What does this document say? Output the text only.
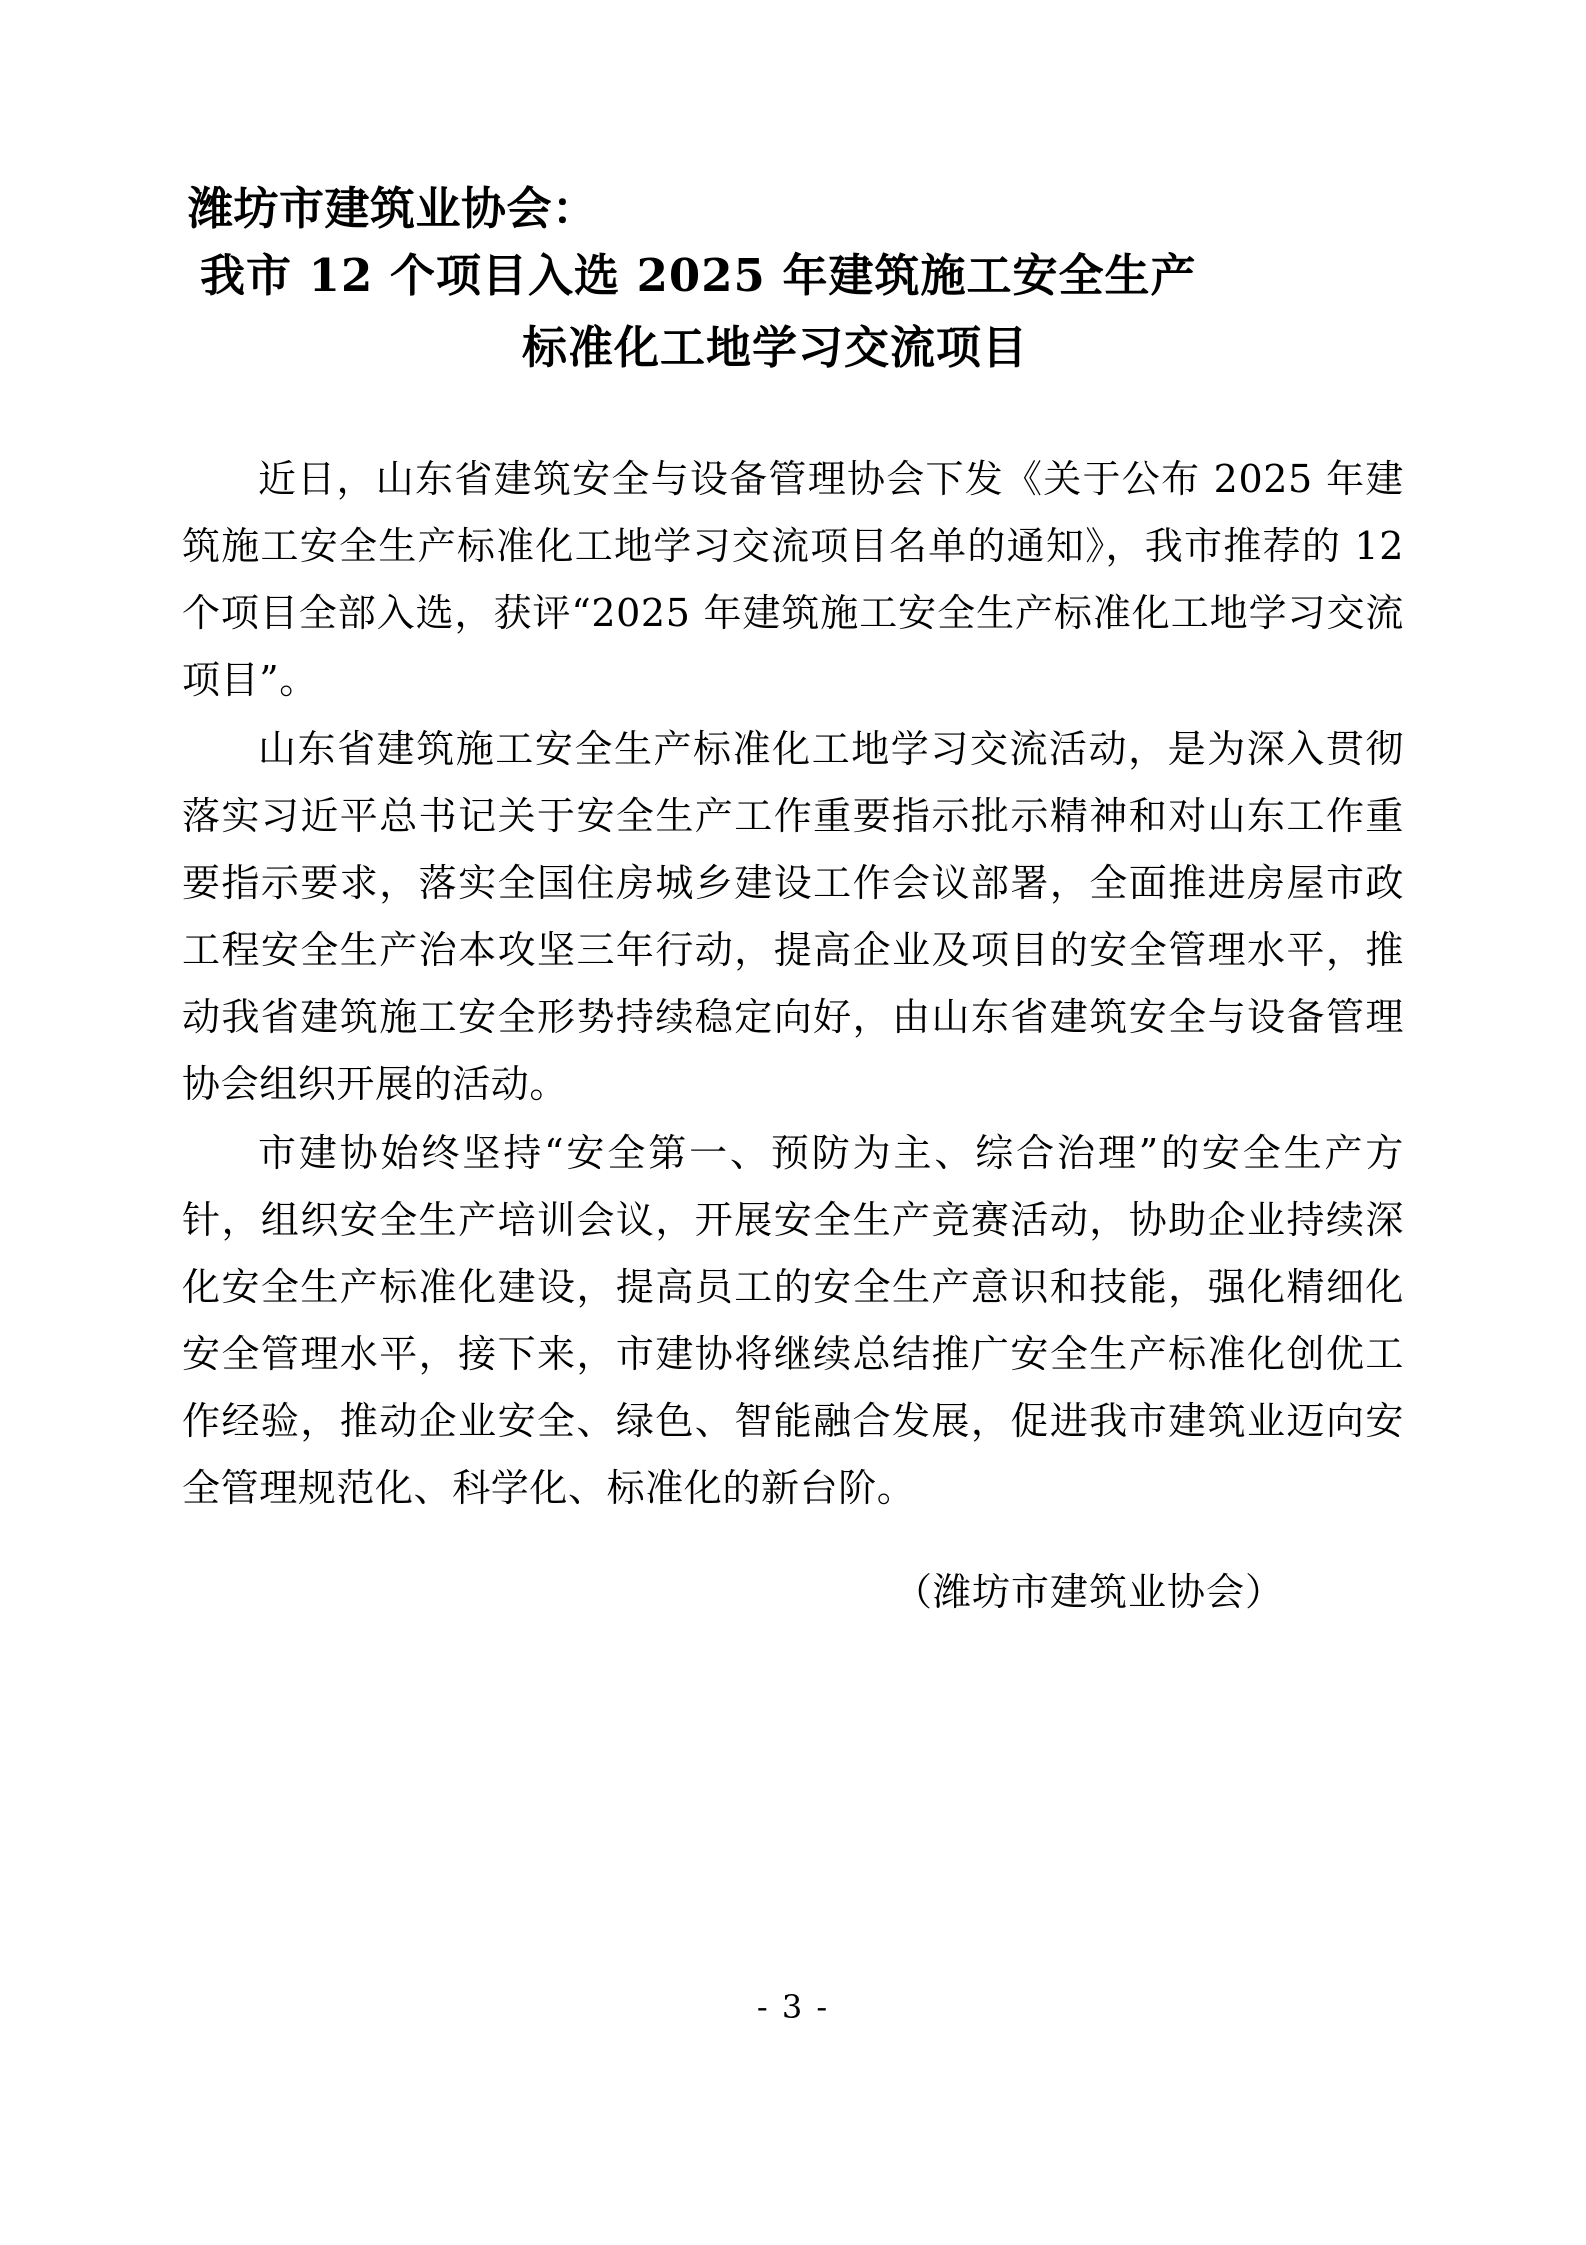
潍坊市建筑业协会：
我市 12 个项目入选 2025 年建筑施工安全生产
标准化工地学习交流项目

近日，山东省建筑安全与设备管理协会下发《关于公布 2025 年建筑施工安全生产标准化工地学习交流项目名单的通知》，我市推荐的 12 个项目全部入选，获评“2025 年建筑施工安全生产标准化工地学习交流项目”。

山东省建筑施工安全生产标准化工地学习交流活动，是为深入贯彻落实习近平总书记关于安全生产工作重要指示批示精神和对山东工作重要指示要求，落实全国住房城乡建设工作会议部署，全面推进房屋市政工程安全生产治本攻坚三年行动，提高企业及项目的安全管理水平，推动我省建筑施工安全形势持续稳定向好，由山东省建筑安全与设备管理协会组织开展的活动。

市建协始终坚持“安全第一、预防为主、综合治理”的安全生产方针，组织安全生产培训会议，开展安全生产竞赛活动，协助企业持续深化安全生产标准化建设，提高员工的安全生产意识和技能，强化精细化安全管理水平，接下来，市建协将继续总结推广安全生产标准化创优工作经验，推动企业安全、绿色、智能融合发展，促进我市建筑业迈向安全管理规范化、科学化、标准化的新台阶。

（潍坊市建筑业协会）
- 3 -
